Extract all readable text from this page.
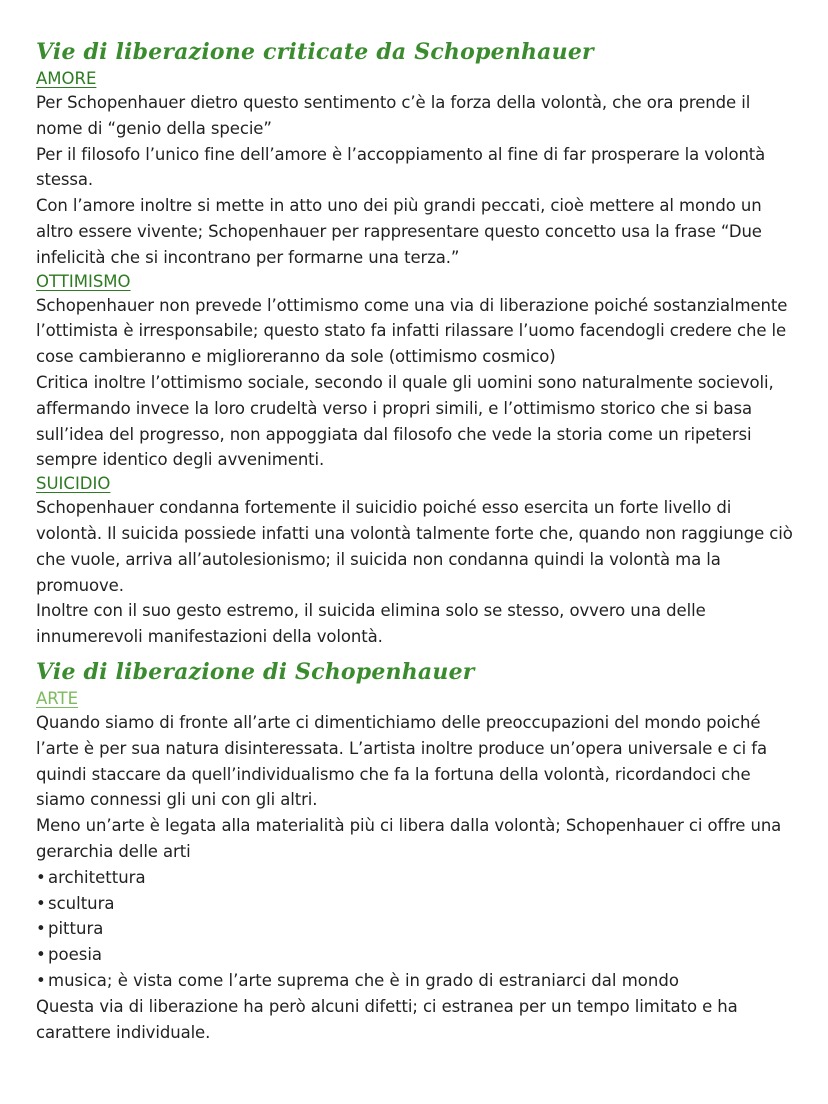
Vie di liberazione criticate da Schopenhauer
AMORE

Per Schopenhauer dietro questo sentimento c’è la forza della volontà, che ora prende il nome di “genio della specie”

Per il filosofo l’unico fine dell’amore è l’accoppiamento al fine di far prosperare la volontà stessa.

Con l’amore inoltre si mette in atto uno dei più grandi peccati, cioè mettere al mondo un altro essere vivente; Schopenhauer per rappresentare questo concetto usa la frase “Due infelicità che si incontrano per formarne una terza.”

OTTIMISMO

Schopenhauer non prevede l’ottimismo come una via di liberazione poiché sostanzialmente l’ottimista è irresponsabile; questo stato fa infatti rilassare l’uomo facendogli credere che le cose cambieranno e miglioreranno da sole (ottimismo cosmico)

Critica inoltre l’ottimismo sociale, secondo il quale gli uomini sono naturalmente socievoli, affermando invece la loro crudeltà verso i propri simili, e l’ottimismo storico che si basa sull’idea del progresso, non appoggiata dal filosofo che vede la storia come un ripetersi sempre identico degli avvenimenti.

SUICIDIO

Schopenhauer condanna fortemente il suicidio poiché esso esercita un forte livello di volontà. Il suicida possiede infatti una volontà talmente forte che, quando non raggiunge ciò che vuole, arriva all’autolesionismo; il suicida non condanna quindi la volontà ma la promuove.

Inoltre con il suo gesto estremo, il suicida elimina solo se stesso, ovvero una delle innumerevoli manifestazioni della volontà.

Vie di liberazione di Schopenhauer
ARTE

Quando siamo di fronte all’arte ci dimentichiamo delle preoccupazioni del mondo poiché l’arte è per sua natura disinteressata. L’artista inoltre produce un’opera universale e ci fa quindi staccare da quell’individualismo che fa la fortuna della volontà, ricordandoci che siamo connessi gli uni con gli altri.

Meno un’arte è legata alla materialità più ci libera dalla volontà; Schopenhauer ci offre una gerarchia delle arti

• architettura
• scultura
• pittura
• poesia
• musica; è vista come l’arte suprema che è in grado di estraniarci dal mondo

Questa via di liberazione ha però alcuni difetti; ci estranea per un tempo limitato e ha carattere individuale.
